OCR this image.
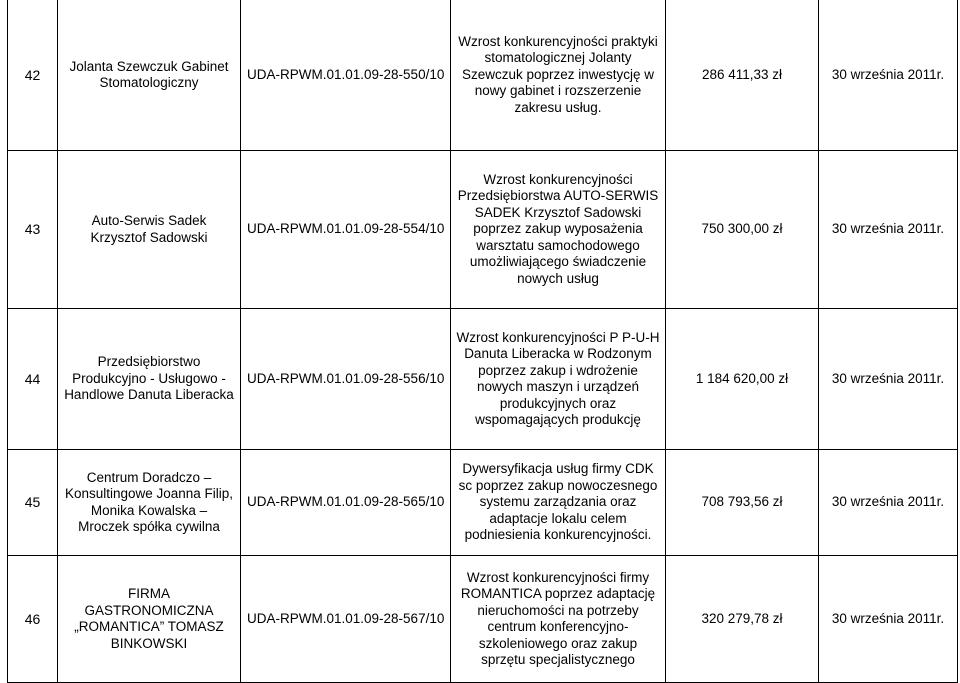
42	Jolanta Szewczuk Gabinet Stomatologiczny	UDA-RPWM.01.01.09-28-550/10	Wzrost konkurencyjności praktyki stomatologicznej Jolanty Szewczuk poprzez inwestycję w nowy gabinet i rozszerzenie zakresu usług.	286 411,33 zł	30 września 2011r.
43	Auto-Serwis Sadek Krzysztof Sadowski	UDA-RPWM.01.01.09-28-554/10	Wzrost konkurencyjności Przedsiębiorstwa AUTO-SERWIS SADEK Krzysztof Sadowski poprzez zakup wyposażenia warsztatu samochodowego umożliwiającego świadczenie nowych usług	750 300,00 zł	30 września 2011r.
44	Przedsiębiorstwo Produkcyjno - Usługowo - Handlowe Danuta Liberacka	UDA-RPWM.01.01.09-28-556/10	Wzrost konkurencyjności P P-U-H Danuta Liberacka w Rodzonym poprzez zakup i wdrożenie nowych maszyn i urządzeń produkcyjnych oraz wspomagających produkcję	1 184 620,00 zł	30 września 2011r.
45	Centrum Doradczo – Konsultingowe Joanna Filip, Monika Kowalska – Mroczek spółka cywilna	UDA-RPWM.01.01.09-28-565/10	Dywersyfikacja usług firmy CDK sc poprzez zakup nowoczesnego systemu zarządzania oraz adaptacje lokalu celem podniesienia konkurencyjności.	708 793,56 zł	30 września 2011r.
46	FIRMA GASTRONOMICZNA „ROMANTICA” TOMASZ BINKOWSKI	UDA-RPWM.01.01.09-28-567/10	Wzrost konkurencyjności firmy ROMANTICA poprzez adaptację nieruchomości na potrzeby centrum konferencyjno-szkoleniowego oraz zakup sprzętu specjalistycznego	320 279,78 zł	30 września 2011r.
